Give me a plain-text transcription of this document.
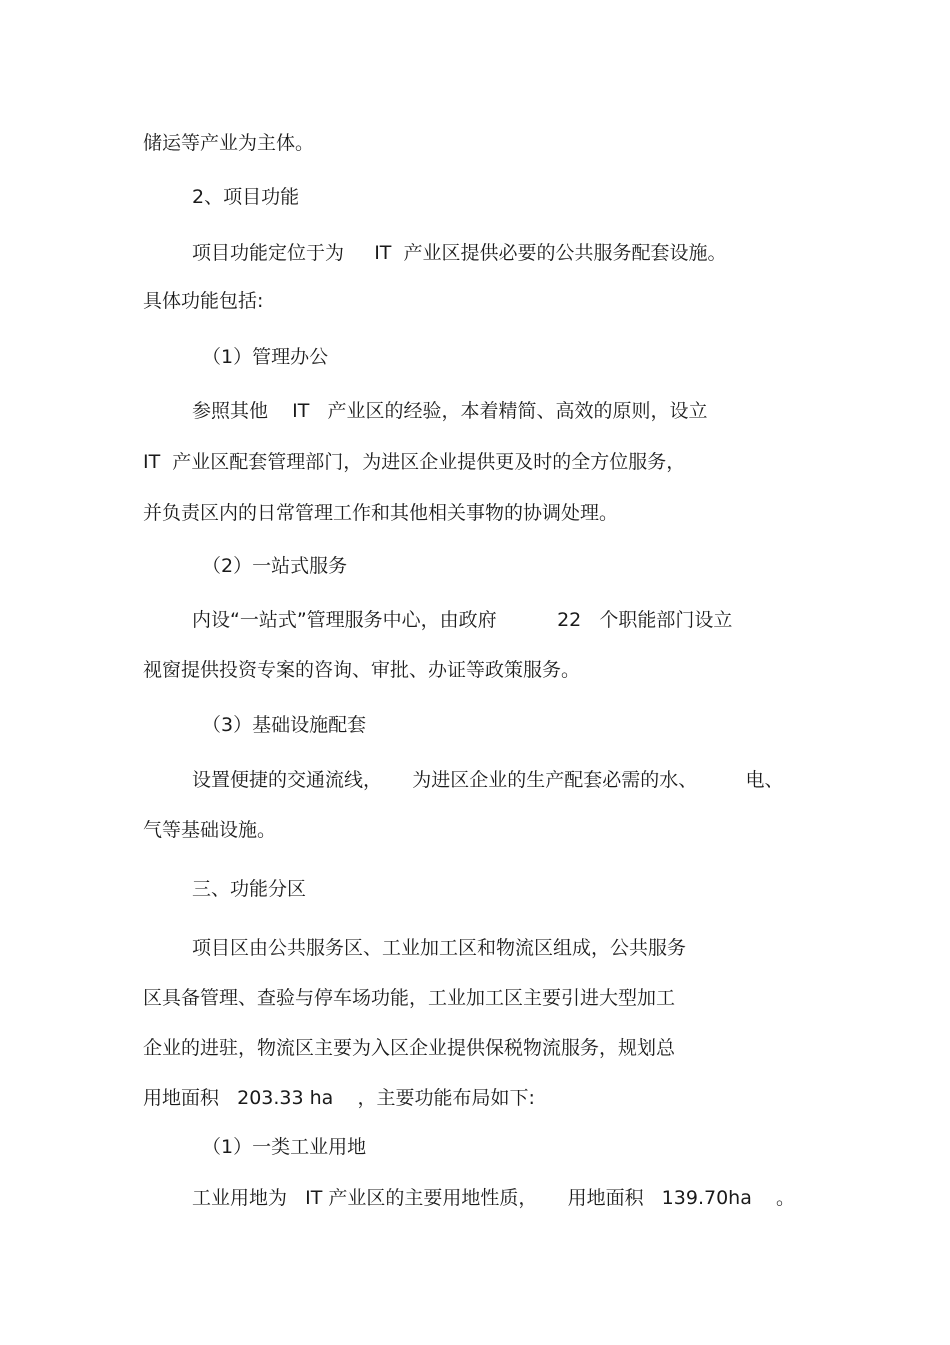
储运等产业为主体。

2、项目功能

项目功能定位于为     IT  产业区提供必要的公共服务配套设施。

具体功能包括:

（1）管理办公

参照其他    IT   产业区的经验，本着精简、高效的原则，设立

IT  产业区配套管理部门，为进区企业提供更及时的全方位服务，

并负责区内的日常管理工作和其他相关事物的协调处理。

（2）一站式服务

内设“一站式”管理服务中心，由政府          22   个职能部门设立

视窗提供投资专案的咨询、审批、办证等政策服务。

（3）基础设施配套

设置便捷的交通流线，     为进区企业的生产配套必需的水、        电、

气等基础设施。

三、功能分区

项目区由公共服务区、工业加工区和物流区组成，公共服务

区具备管理、查验与停车场功能，工业加工区主要引进大型加工

企业的进驻，物流区主要为入区企业提供保税物流服务，规划总

用地面积   203.33 ha    ，主要功能布局如下:

（1）一类工业用地

工业用地为   IT 产业区的主要用地性质，     用地面积   139.70ha    。
